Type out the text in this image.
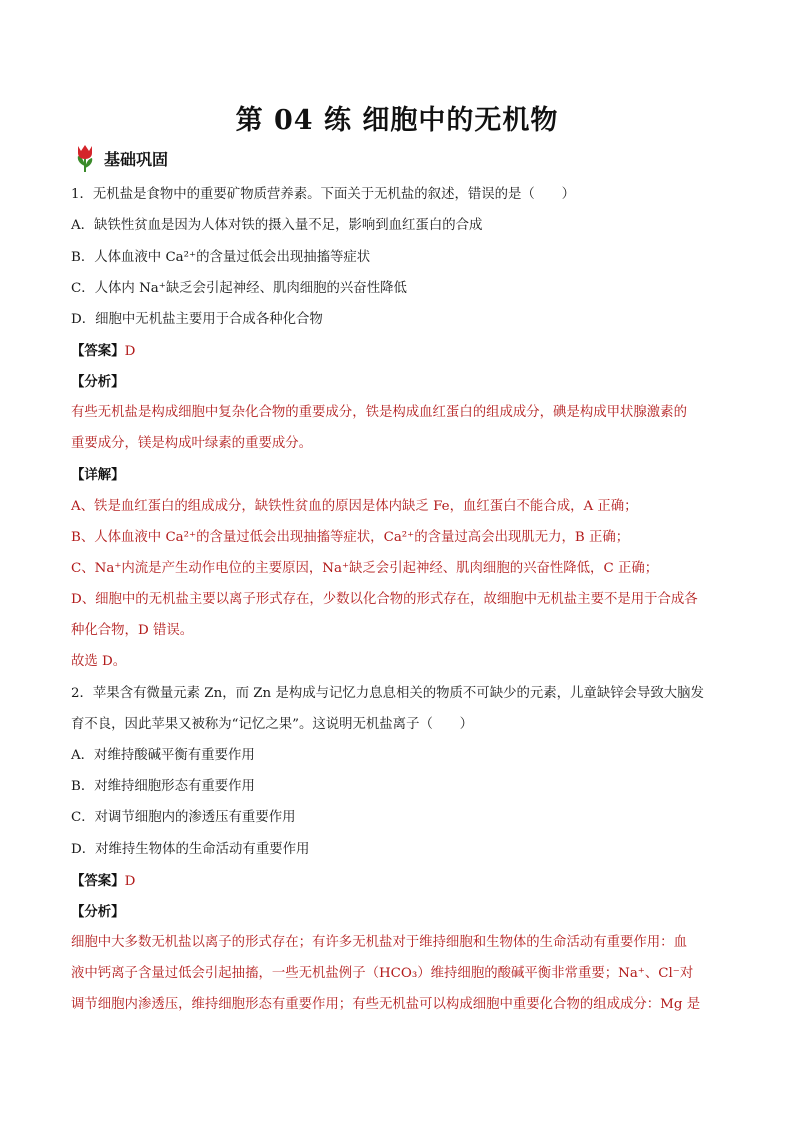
第 04 练 细胞中的无机物
基础巩固
1．无机盐是食物中的重要矿物质营养素。下面关于无机盐的叙述，错误的是（　　）
A．缺铁性贫血是因为人体对铁的摄入量不足，影响到血红蛋白的合成
B．人体血液中 Ca²⁺的含量过低会出现抽搐等症状
C．人体内 Na⁺缺乏会引起神经、肌肉细胞的兴奋性降低
D．细胞中无机盐主要用于合成各种化合物
【答案】D
【分析】
有些无机盐是构成细胞中复杂化合物的重要成分，铁是构成血红蛋白的组成成分，碘是构成甲状腺激素的
重要成分，镁是构成叶绿素的重要成分。
【详解】
A、铁是血红蛋白的组成成分，缺铁性贫血的原因是体内缺乏 Fe，血红蛋白不能合成，A 正确；
B、人体血液中 Ca²⁺的含量过低会出现抽搐等症状，Ca²⁺的含量过高会出现肌无力，B 正确；
C、Na⁺内流是产生动作电位的主要原因，Na⁺缺乏会引起神经、肌肉细胞的兴奋性降低，C 正确；
D、细胞中的无机盐主要以离子形式存在，少数以化合物的形式存在，故细胞中无机盐主要不是用于合成各
种化合物，D 错误。
故选 D。
2．苹果含有微量元素 Zn，而 Zn 是构成与记忆力息息相关的物质不可缺少的元素，儿童缺锌会导致大脑发
育不良，因此苹果又被称为“记忆之果”。这说明无机盐离子（　　）
A．对维持酸碱平衡有重要作用
B．对维持细胞形态有重要作用
C．对调节细胞内的渗透压有重要作用
D．对维持生物体的生命活动有重要作用
【答案】D
【分析】
细胞中大多数无机盐以离子的形式存在；有许多无机盐对于维持细胞和生物体的生命活动有重要作用：血
液中钙离子含量过低会引起抽搐，一些无机盐例子（HCO₃）维持细胞的酸碱平衡非常重要；Na⁺、Cl⁻对
调节细胞内渗透压，维持细胞形态有重要作用；有些无机盐可以构成细胞中重要化合物的组成成分：Mg 是
